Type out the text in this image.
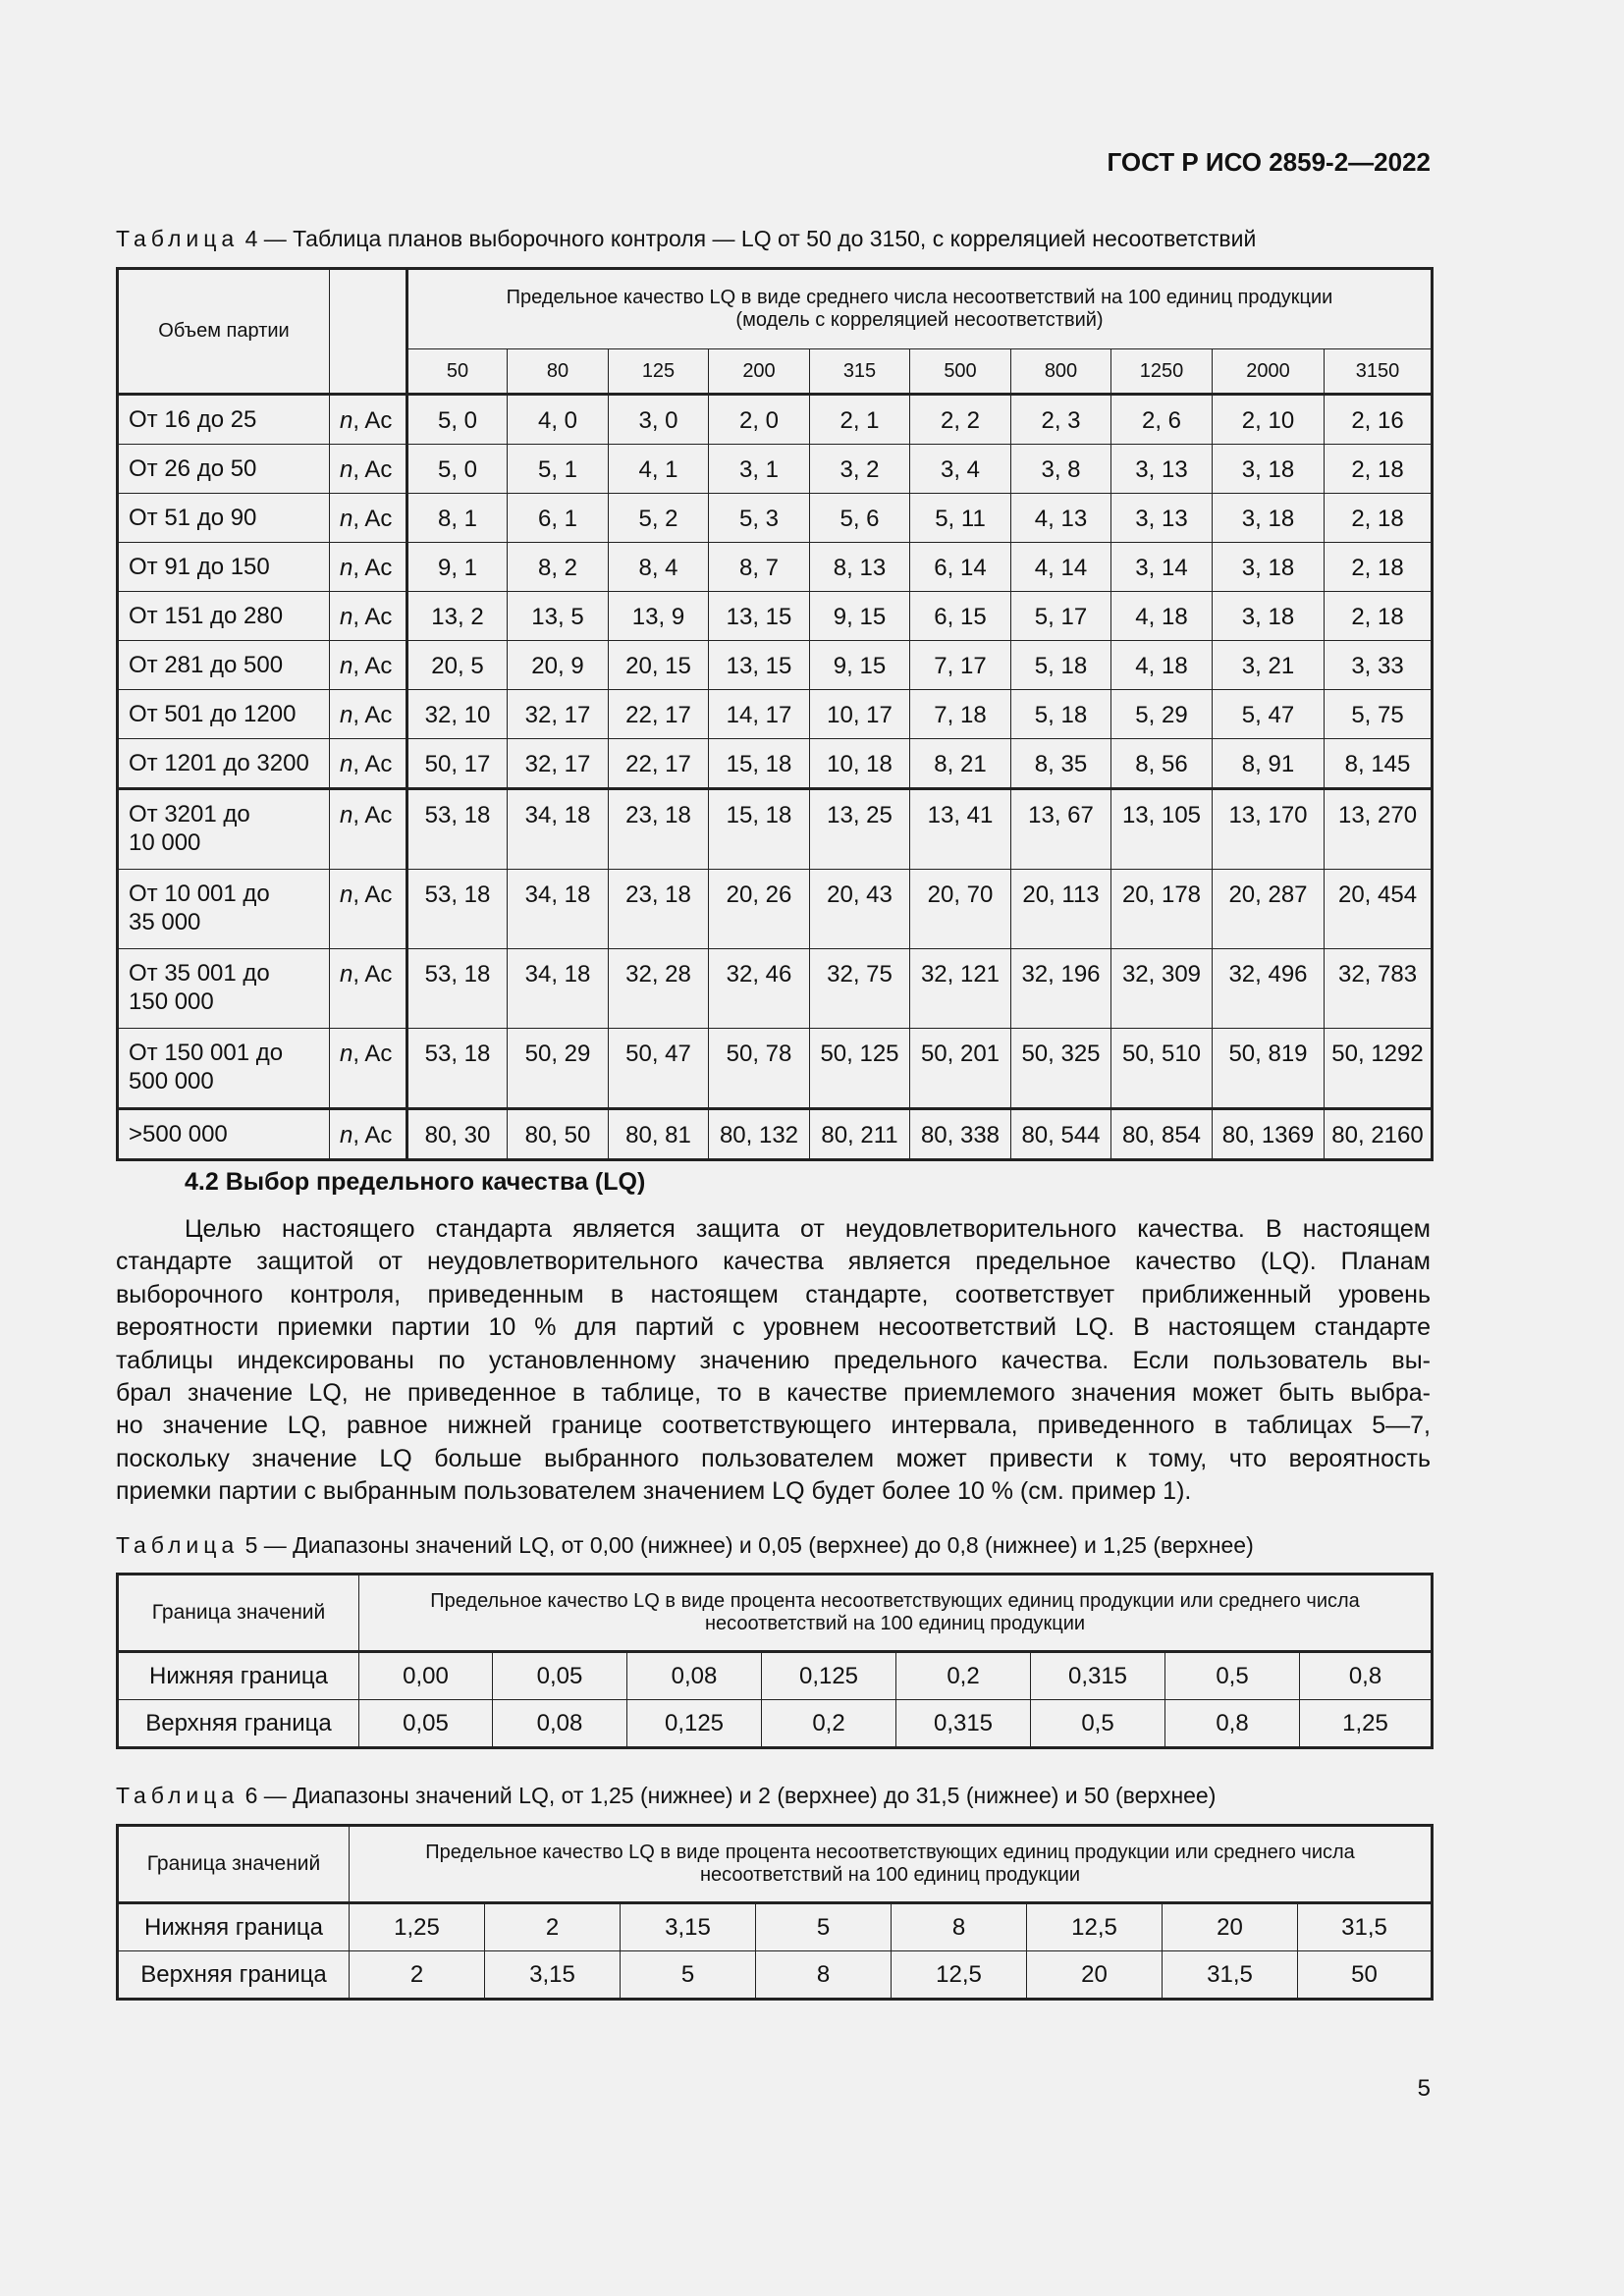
ГОСТ Р ИСО 2859-2—2022
Таблица 4 — Таблица планов выборочного контроля — LQ от 50 до 3150, с корреляцией несоответствий
Объем партии		Предельное качество LQ в виде среднего числа несоответствий на 100 единиц продукции
(модель с корреляцией несоответствий)									

		50	80	125	200	315	500	800	1250	2000	3150
От 16 до 25	n, Ac	5, 0	4, 0	3, 0	2, 0	2, 1	2, 2	2, 3	2, 6	2, 10	2, 16
От 26 до 50	n, Ac	5, 0	5, 1	4, 1	3, 1	3, 2	3, 4	3, 8	3, 13	3, 18	2, 18
От 51 до 90	n, Ac	8, 1	6, 1	5, 2	5, 3	5, 6	5, 11	4, 13	3, 13	3, 18	2, 18
От 91 до 150	n, Ac	9, 1	8, 2	8, 4	8, 7	8, 13	6, 14	4, 14	3, 14	3, 18	2, 18
От 151 до 280	n, Ac	13, 2	13, 5	13, 9	13, 15	9, 15	6, 15	5, 17	4, 18	3, 18	2, 18
От 281 до 500	n, Ac	20, 5	20, 9	20, 15	13, 15	9, 15	7, 17	5, 18	4, 18	3, 21	3, 33
От 501 до 1200	n, Ac	32, 10	32, 17	22, 17	14, 17	10, 17	7, 18	5, 18	5, 29	5, 47	5, 75
От 1201 до 3200	n, Ac	50, 17	32, 17	22, 17	15, 18	10, 18	8, 21	8, 35	8, 56	8, 91	8, 145

От 3201 до
10 000	n, Ac	53, 18	34, 18	23, 18	15, 18	13, 25	13, 41	13, 67	13, 105	13, 170	13, 270

От 10 001 до
35 000	n, Ac	53, 18	34, 18	23, 18	20, 26	20, 43	20, 70	20, 113	20, 178	20, 287	20, 454

От 35 001 до
150 000	n, Ac	53, 18	34, 18	32, 28	32, 46	32, 75	32, 121	32, 196	32, 309	32, 496	32, 783

От 150 001 до
500 000	n, Ac	53, 18	50, 29	50, 47	50, 78	50, 125	50, 201	50, 325	50, 510	50, 819	50, 1292
>500 000	n, Ac	80, 30	80, 50	80, 81	80, 132	80, 211	80, 338	80, 544	80, 854	80, 1369	80, 2160
4.2 Выбор предельного качества (LQ)
Целью настоящего стандарта является защита от неудовлетворительного качества. В настоящем
стандарте защитой от неудовлетворительного качества является предельное качество (LQ). Планам
выборочного контроля, приведенным в настоящем стандарте, соответствует приближенный уровень
вероятности приемки партии 10 % для партий с уровнем несоответствий LQ. В настоящем стандарте
таблицы индексированы по установленному значению предельного качества. Если пользователь вы-
брал значение LQ, не приведенное в таблице, то в качестве приемлемого значения может быть выбра-
но значение LQ, равное нижней границе соответствующего интервала, приведенного в таблицах 5—7,
поскольку значение LQ больше выбранного пользователем может привести к тому, что вероятность
приемки партии с выбранным пользователем значением LQ будет более 10 % (см. пример 1).
Таблица 5 — Диапазоны значений LQ, от 0,00 (нижнее) и 0,05 (верхнее) до 0,8 (нижнее) и 1,25 (верхнее)
Граница значений	Предельное качество LQ в виде процента несоответствующих единиц продукции или среднего числа
несоответствий на 100 единиц продукции							

Нижняя граница	0,00	0,05	0,08	0,125	0,2	0,315	0,5	0,8
Верхняя граница	0,05	0,08	0,125	0,2	0,315	0,5	0,8	1,25
Таблица 6 — Диапазоны значений LQ, от 1,25 (нижнее) и 2 (верхнее) до 31,5 (нижнее) и 50 (верхнее)
Граница значений	Предельное качество LQ в виде процента несоответствующих единиц продукции или среднего числа
несоответствий на 100 единиц продукции							

Нижняя граница	1,25	2	3,15	5	8	12,5	20	31,5
Верхняя граница	2	3,15	5	8	12,5	20	31,5	50
5
